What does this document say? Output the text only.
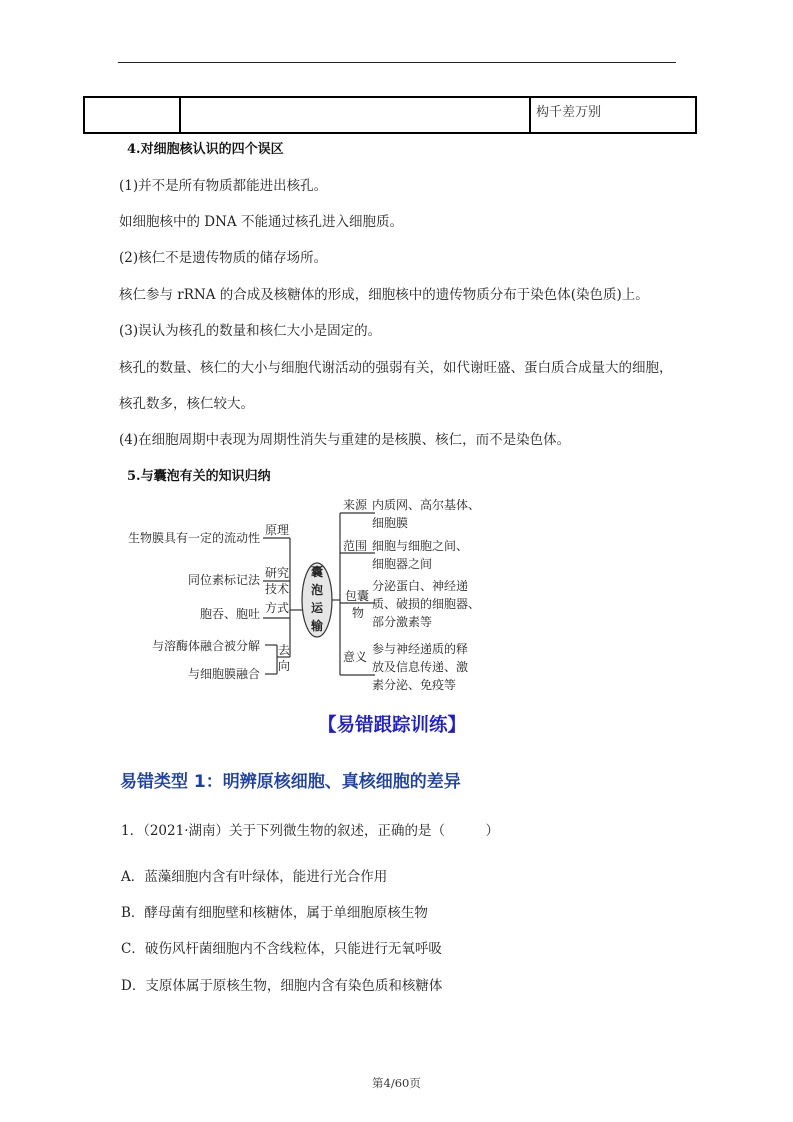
		构千差万别
4.对细胞核认识的四个误区
(1)并不是所有物质都能进出核孔。
如细胞核中的 DNA 不能通过核孔进入细胞质。
(2)核仁不是遗传物质的储存场所。
核仁参与 rRNA 的合成及核糖体的形成，细胞核中的遗传物质分布于染色体(染色质)上。
(3)误认为核孔的数量和核仁大小是固定的。
核孔的数量、核仁的大小与细胞代谢活动的强弱有关，如代谢旺盛、蛋白质合成量大的细胞，
核孔数多，核仁较大。
(4)在细胞周期中表现为周期性消失与重建的是核膜、核仁，而不是染色体。
5.与囊泡有关的知识归纳
囊
泡
运
输
生物膜具有一定的流动性
原理
同位素标记法 研究
技术
胞吞、胞吐 方式
与溶酶体融合被分解
与细胞膜融合
去
向
来源
范围
包囊
物
意义
内质网、高尔基体、
细胞膜
细胞与细胞之间、
细胞器之间
分泌蛋白、神经递
质、破损的细胞器、
部分激素等
参与神经递质的释
放及信息传递、激
素分泌、免疫等
【易错跟踪训练】
易错类型 1：明辨原核细胞、真核细胞的差异
1．（2021·湖南）关于下列微生物的叙述，正确的是（　　　）
A．蓝藻细胞内含有叶绿体，能进行光合作用
B．酵母菌有细胞壁和核糖体，属于单细胞原核生物
C．破伤风杆菌细胞内不含线粒体，只能进行无氧呼吸
D．支原体属于原核生物，细胞内含有染色质和核糖体
第4/60页
